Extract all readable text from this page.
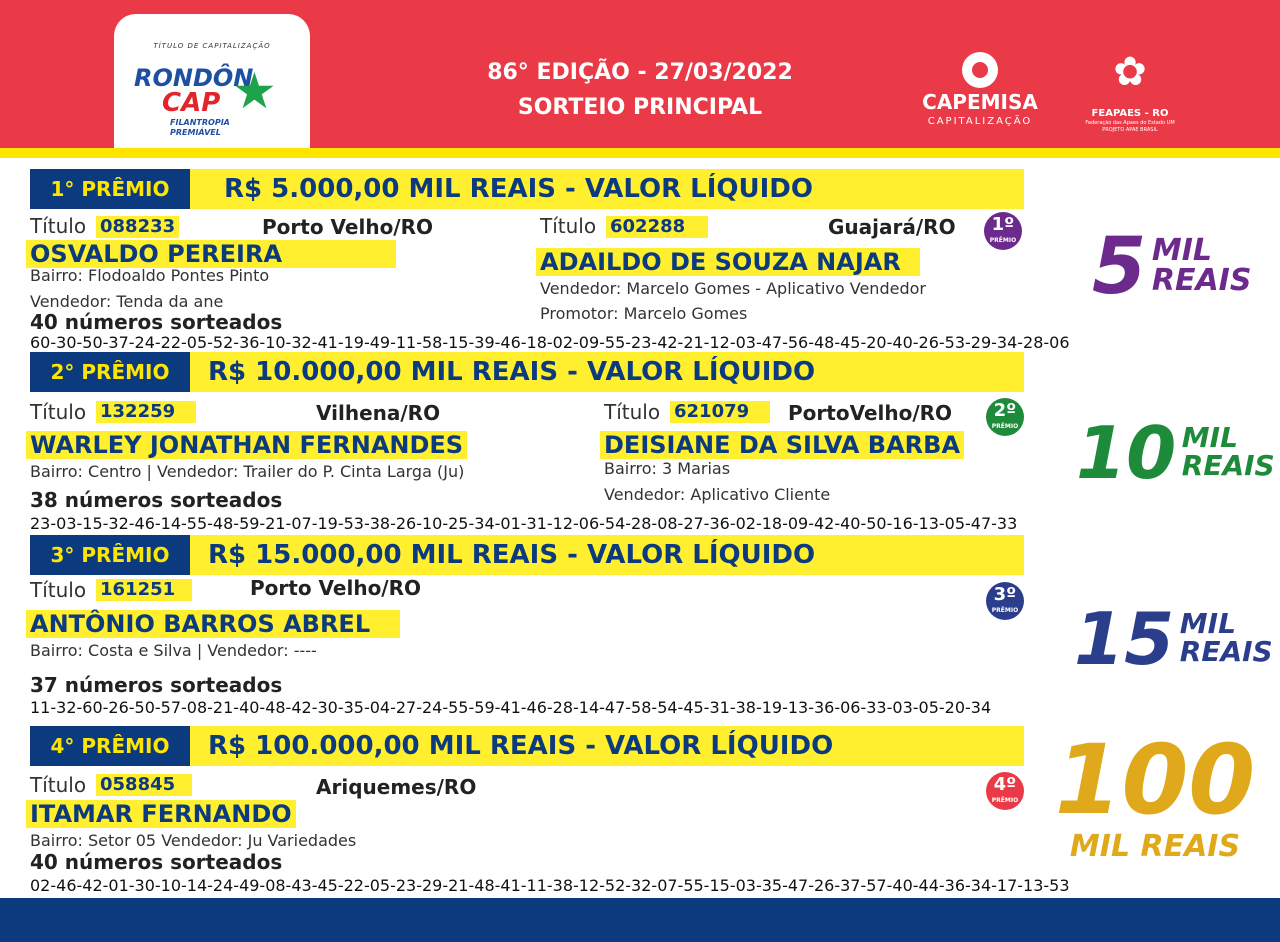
TÍTULO DE CAPITALIZAÇÃO
RONDÔN
★
CAP
FILANTROPIA
PREMIÁVEL
86° EDIÇÃO - 27/03/2022
SORTEIO PRINCIPAL	CAPEMISA
CAPITALIZAÇÃO
✿
FEAPAES - RO
Federação das Apaes do Estado UM PROJETO APAE BRASIL
1° PRÊMIO	R$ 5.000,00 MIL REAIS - VALOR LÍQUIDO
Título 088233	Porto Velho/RO
OSVALDO PEREIRA
Bairro: Flodoaldo Pontes Pinto
Vendedor: Tenda da ane
Título 602288	Guajará/RO
ADAILDO DE SOUZA NAJAR
Vendedor: Marcelo Gomes - Aplicativo Vendedor
Promotor: Marcelo Gomes
1º
PRÊMIO
40 números sorteados
60-30-50-37-24-22-05-52-36-10-32-41-19-49-11-58-15-39-46-18-02-09-55-23-42-21-12-03-47-56-48-45-20-40-26-53-29-34-28-06
5 MIL
REAIS
2° PRÊMIO	R$ 10.000,00 MIL REAIS - VALOR LÍQUIDO
Título 132259	Vilhena/RO
WARLEY JONATHAN FERNANDES
Bairro: Centro | Vendedor: Trailer do P. Cinta Larga (Ju)
Título 621079	PortoVelho/RO
DEISIANE DA SILVA BARBA
Bairro: 3 Marias
Vendedor: Aplicativo Cliente
2º
PRÊMIO
38 números sorteados
23-03-15-32-46-14-55-48-59-21-07-19-53-38-26-10-25-34-01-31-12-06-54-28-08-27-36-02-18-09-42-40-50-16-13-05-47-33
10 MIL
REAIS
3° PRÊMIO	R$ 15.000,00 MIL REAIS - VALOR LÍQUIDO
Título 161251	Porto Velho/RO
ANTÔNIO BARROS ABREL
Bairro: Costa e Silva | Vendedor: ----
3º
PRÊMIO
37 números sorteados
11-32-60-26-50-57-08-21-40-48-42-30-35-04-27-24-55-59-41-46-28-14-47-58-54-45-31-38-19-13-36-06-33-03-05-20-34
15 MIL
REAIS
4° PRÊMIO	R$ 100.000,00 MIL REAIS - VALOR LÍQUIDO
Título 058845	Ariquemes/RO
ITAMAR FERNANDO
Bairro: Setor 05 Vendedor: Ju Variedades
4º
PRÊMIO
40 números sorteados
02-46-42-01-30-10-14-24-49-08-43-45-22-05-23-29-21-48-41-11-38-12-52-32-07-55-15-03-35-47-26-37-57-40-44-36-34-17-13-53
100
MIL REAIS
